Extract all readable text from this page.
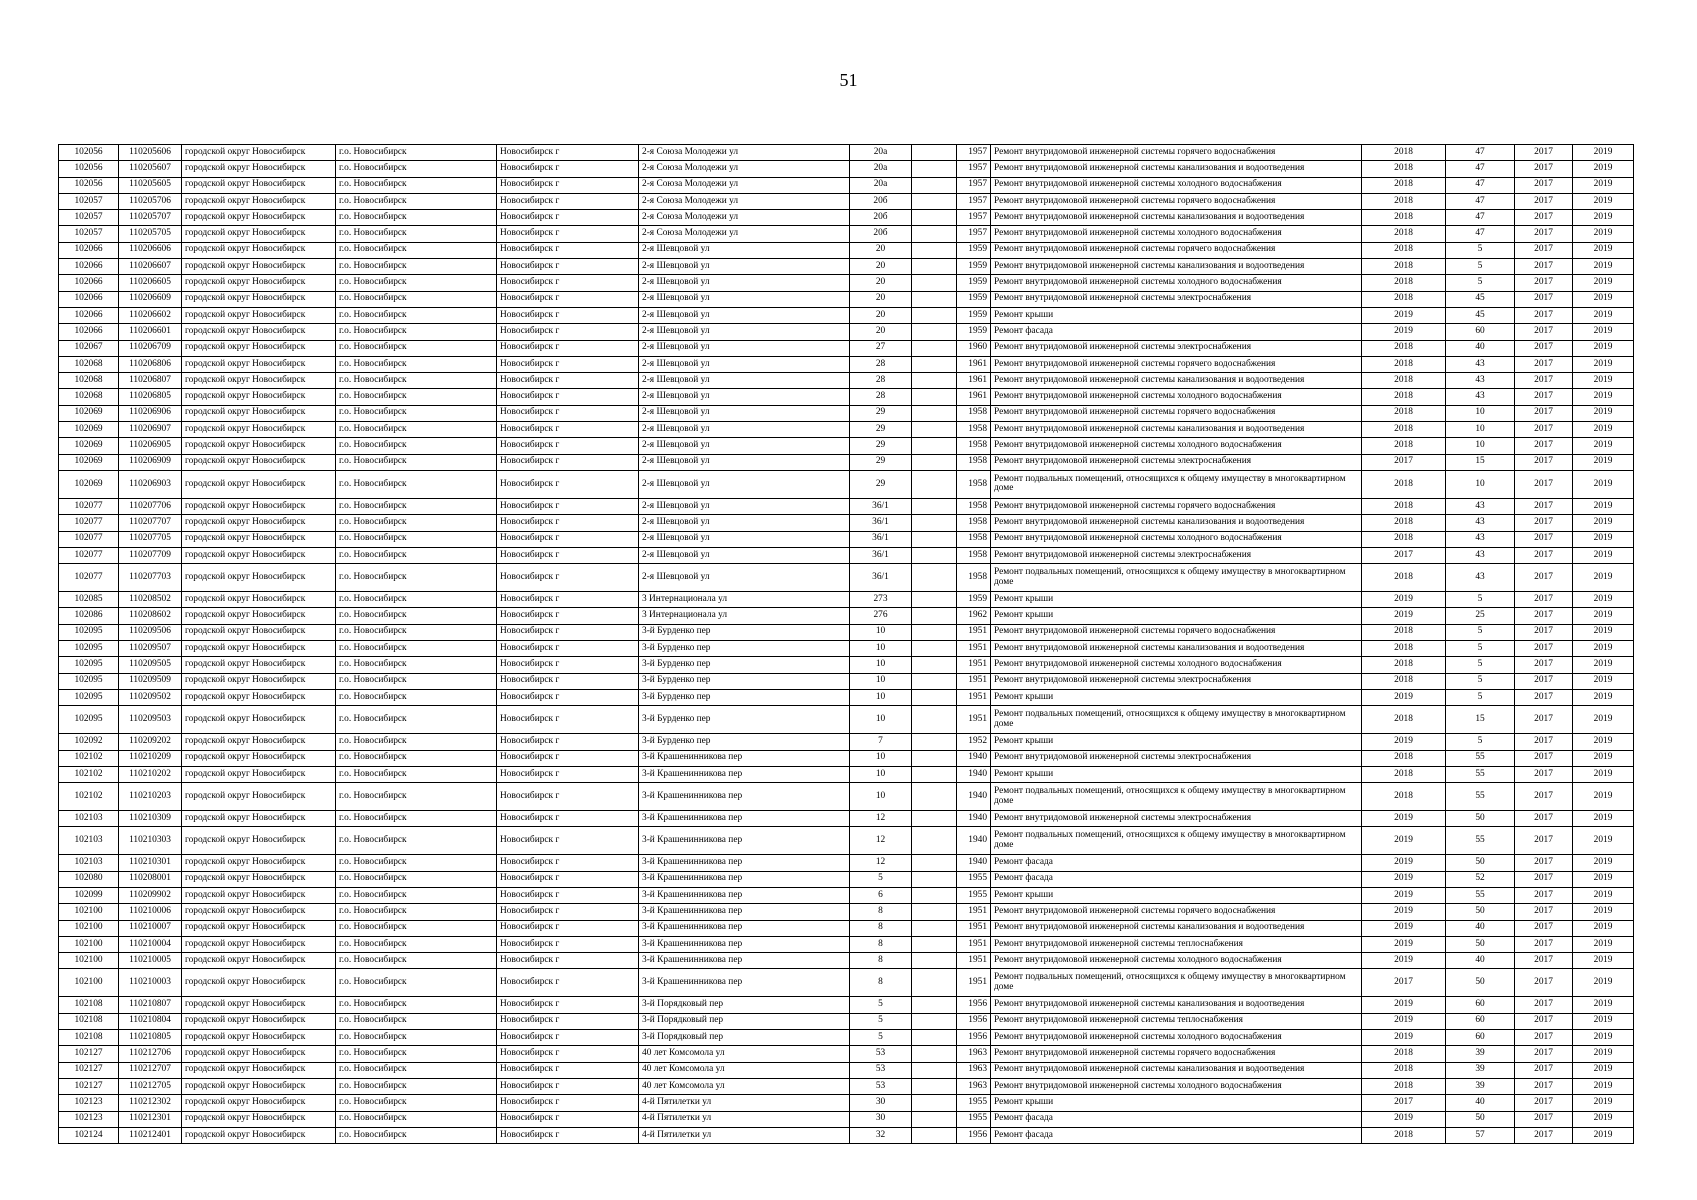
51
102056	110205606	городской округ Новосибирск	г.о. Новосибирск	Новосибирск г	2-я Союза Молодежи ул	20а		1957	Ремонт внутридомовой инженерной системы горячего водоснабжения	2018	47	2017	2019
102056	110205607	городской округ Новосибирск	г.о. Новосибирск	Новосибирск г	2-я Союза Молодежи ул	20а		1957	Ремонт внутридомовой инженерной системы канализования и водоотведения	2018	47	2017	2019
102056	110205605	городской округ Новосибирск	г.о. Новосибирск	Новосибирск г	2-я Союза Молодежи ул	20а		1957	Ремонт внутридомовой инженерной системы холодного водоснабжения	2018	47	2017	2019
102057	110205706	городской округ Новосибирск	г.о. Новосибирск	Новосибирск г	2-я Союза Молодежи ул	20б		1957	Ремонт внутридомовой инженерной системы горячего водоснабжения	2018	47	2017	2019
102057	110205707	городской округ Новосибирск	г.о. Новосибирск	Новосибирск г	2-я Союза Молодежи ул	20б		1957	Ремонт внутридомовой инженерной системы канализования и водоотведения	2018	47	2017	2019
102057	110205705	городской округ Новосибирск	г.о. Новосибирск	Новосибирск г	2-я Союза Молодежи ул	20б		1957	Ремонт внутридомовой инженерной системы холодного водоснабжения	2018	47	2017	2019
102066	110206606	городской округ Новосибирск	г.о. Новосибирск	Новосибирск г	2-я Шевцовой ул	20		1959	Ремонт внутридомовой инженерной системы горячего водоснабжения	2018	5	2017	2019
102066	110206607	городской округ Новосибирск	г.о. Новосибирск	Новосибирск г	2-я Шевцовой ул	20		1959	Ремонт внутридомовой инженерной системы канализования и водоотведения	2018	5	2017	2019
102066	110206605	городской округ Новосибирск	г.о. Новосибирск	Новосибирск г	2-я Шевцовой ул	20		1959	Ремонт внутридомовой инженерной системы холодного водоснабжения	2018	5	2017	2019
102066	110206609	городской округ Новосибирск	г.о. Новосибирск	Новосибирск г	2-я Шевцовой ул	20		1959	Ремонт внутридомовой инженерной системы электроснабжения	2018	45	2017	2019
102066	110206602	городской округ Новосибирск	г.о. Новосибирск	Новосибирск г	2-я Шевцовой ул	20		1959	Ремонт крыши	2019	45	2017	2019
102066	110206601	городской округ Новосибирск	г.о. Новосибирск	Новосибирск г	2-я Шевцовой ул	20		1959	Ремонт фасада	2019	60	2017	2019
102067	110206709	городской округ Новосибирск	г.о. Новосибирск	Новосибирск г	2-я Шевцовой ул	27		1960	Ремонт внутридомовой инженерной системы электроснабжения	2018	40	2017	2019
102068	110206806	городской округ Новосибирск	г.о. Новосибирск	Новосибирск г	2-я Шевцовой ул	28		1961	Ремонт внутридомовой инженерной системы горячего водоснабжения	2018	43	2017	2019
102068	110206807	городской округ Новосибирск	г.о. Новосибирск	Новосибирск г	2-я Шевцовой ул	28		1961	Ремонт внутридомовой инженерной системы канализования и водоотведения	2018	43	2017	2019
102068	110206805	городской округ Новосибирск	г.о. Новосибирск	Новосибирск г	2-я Шевцовой ул	28		1961	Ремонт внутридомовой инженерной системы холодного водоснабжения	2018	43	2017	2019
102069	110206906	городской округ Новосибирск	г.о. Новосибирск	Новосибирск г	2-я Шевцовой ул	29		1958	Ремонт внутридомовой инженерной системы горячего водоснабжения	2018	10	2017	2019
102069	110206907	городской округ Новосибирск	г.о. Новосибирск	Новосибирск г	2-я Шевцовой ул	29		1958	Ремонт внутридомовой инженерной системы канализования и водоотведения	2018	10	2017	2019
102069	110206905	городской округ Новосибирск	г.о. Новосибирск	Новосибирск г	2-я Шевцовой ул	29		1958	Ремонт внутридомовой инженерной системы холодного водоснабжения	2018	10	2017	2019
102069	110206909	городской округ Новосибирск	г.о. Новосибирск	Новосибирск г	2-я Шевцовой ул	29		1958	Ремонт внутридомовой инженерной системы электроснабжения	2017	15	2017	2019
102069	110206903	городской округ Новосибирск	г.о. Новосибирск	Новосибирск г	2-я Шевцовой ул	29		1958	Ремонт подвальных помещений, относящихся к общему имуществу в многоквартирном доме	2018	10	2017	2019
102077	110207706	городской округ Новосибирск	г.о. Новосибирск	Новосибирск г	2-я Шевцовой ул	36/1		1958	Ремонт внутридомовой инженерной системы горячего водоснабжения	2018	43	2017	2019
102077	110207707	городской округ Новосибирск	г.о. Новосибирск	Новосибирск г	2-я Шевцовой ул	36/1		1958	Ремонт внутридомовой инженерной системы канализования и водоотведения	2018	43	2017	2019
102077	110207705	городской округ Новосибирск	г.о. Новосибирск	Новосибирск г	2-я Шевцовой ул	36/1		1958	Ремонт внутридомовой инженерной системы холодного водоснабжения	2018	43	2017	2019
102077	110207709	городской округ Новосибирск	г.о. Новосибирск	Новосибирск г	2-я Шевцовой ул	36/1		1958	Ремонт внутридомовой инженерной системы электроснабжения	2017	43	2017	2019
102077	110207703	городской округ Новосибирск	г.о. Новосибирск	Новосибирск г	2-я Шевцовой ул	36/1		1958	Ремонт подвальных помещений, относящихся к общему имуществу в многоквартирном доме	2018	43	2017	2019
102085	110208502	городской округ Новосибирск	г.о. Новосибирск	Новосибирск г	3 Интернационала ул	273		1959	Ремонт крыши	2019	5	2017	2019
102086	110208602	городской округ Новосибирск	г.о. Новосибирск	Новосибирск г	3 Интернационала ул	276		1962	Ремонт крыши	2019	25	2017	2019
102095	110209506	городской округ Новосибирск	г.о. Новосибирск	Новосибирск г	3-й Бурденко пер	10		1951	Ремонт внутридомовой инженерной системы горячего водоснабжения	2018	5	2017	2019
102095	110209507	городской округ Новосибирск	г.о. Новосибирск	Новосибирск г	3-й Бурденко пер	10		1951	Ремонт внутридомовой инженерной системы канализования и водоотведения	2018	5	2017	2019
102095	110209505	городской округ Новосибирск	г.о. Новосибирск	Новосибирск г	3-й Бурденко пер	10		1951	Ремонт внутридомовой инженерной системы холодного водоснабжения	2018	5	2017	2019
102095	110209509	городской округ Новосибирск	г.о. Новосибирск	Новосибирск г	3-й Бурденко пер	10		1951	Ремонт внутридомовой инженерной системы электроснабжения	2018	5	2017	2019
102095	110209502	городской округ Новосибирск	г.о. Новосибирск	Новосибирск г	3-й Бурденко пер	10		1951	Ремонт крыши	2019	5	2017	2019
102095	110209503	городской округ Новосибирск	г.о. Новосибирск	Новосибирск г	3-й Бурденко пер	10		1951	Ремонт подвальных помещений, относящихся к общему имуществу в многоквартирном доме	2018	15	2017	2019
102092	110209202	городской округ Новосибирск	г.о. Новосибирск	Новосибирск г	3-й Бурденко пер	7		1952	Ремонт крыши	2019	5	2017	2019
102102	110210209	городской округ Новосибирск	г.о. Новосибирск	Новосибирск г	3-й Крашенинникова пер	10		1940	Ремонт внутридомовой инженерной системы электроснабжения	2018	55	2017	2019
102102	110210202	городской округ Новосибирск	г.о. Новосибирск	Новосибирск г	3-й Крашенинникова пер	10		1940	Ремонт крыши	2018	55	2017	2019
102102	110210203	городской округ Новосибирск	г.о. Новосибирск	Новосибирск г	3-й Крашенинникова пер	10		1940	Ремонт подвальных помещений, относящихся к общему имуществу в многоквартирном доме	2018	55	2017	2019
102103	110210309	городской округ Новосибирск	г.о. Новосибирск	Новосибирск г	3-й Крашенинникова пер	12		1940	Ремонт внутридомовой инженерной системы электроснабжения	2019	50	2017	2019
102103	110210303	городской округ Новосибирск	г.о. Новосибирск	Новосибирск г	3-й Крашенинникова пер	12		1940	Ремонт подвальных помещений, относящихся к общему имуществу в многоквартирном доме	2019	55	2017	2019
102103	110210301	городской округ Новосибирск	г.о. Новосибирск	Новосибирск г	3-й Крашенинникова пер	12		1940	Ремонт фасада	2019	50	2017	2019
102080	110208001	городской округ Новосибирск	г.о. Новосибирск	Новосибирск г	3-й Крашенинникова пер	5		1955	Ремонт фасада	2019	52	2017	2019
102099	110209902	городской округ Новосибирск	г.о. Новосибирск	Новосибирск г	3-й Крашенинникова пер	6		1955	Ремонт крыши	2019	55	2017	2019
102100	110210006	городской округ Новосибирск	г.о. Новосибирск	Новосибирск г	3-й Крашенинникова пер	8		1951	Ремонт внутридомовой инженерной системы горячего водоснабжения	2019	50	2017	2019
102100	110210007	городской округ Новосибирск	г.о. Новосибирск	Новосибирск г	3-й Крашенинникова пер	8		1951	Ремонт внутридомовой инженерной системы канализования и водоотведения	2019	40	2017	2019
102100	110210004	городской округ Новосибирск	г.о. Новосибирск	Новосибирск г	3-й Крашенинникова пер	8		1951	Ремонт внутридомовой инженерной системы теплоснабжения	2019	50	2017	2019
102100	110210005	городской округ Новосибирск	г.о. Новосибирск	Новосибирск г	3-й Крашенинникова пер	8		1951	Ремонт внутридомовой инженерной системы холодного водоснабжения	2019	40	2017	2019
102100	110210003	городской округ Новосибирск	г.о. Новосибирск	Новосибирск г	3-й Крашенинникова пер	8		1951	Ремонт подвальных помещений, относящихся к общему имуществу в многоквартирном доме	2017	50	2017	2019
102108	110210807	городской округ Новосибирск	г.о. Новосибирск	Новосибирск г	3-й Порядковый пер	5		1956	Ремонт внутридомовой инженерной системы канализования и водоотведения	2019	60	2017	2019
102108	110210804	городской округ Новосибирск	г.о. Новосибирск	Новосибирск г	3-й Порядковый пер	5		1956	Ремонт внутридомовой инженерной системы теплоснабжения	2019	60	2017	2019
102108	110210805	городской округ Новосибирск	г.о. Новосибирск	Новосибирск г	3-й Порядковый пер	5		1956	Ремонт внутридомовой инженерной системы холодного водоснабжения	2019	60	2017	2019
102127	110212706	городской округ Новосибирск	г.о. Новосибирск	Новосибирск г	40 лет Комсомола ул	53		1963	Ремонт внутридомовой инженерной системы горячего водоснабжения	2018	39	2017	2019
102127	110212707	городской округ Новосибирск	г.о. Новосибирск	Новосибирск г	40 лет Комсомола ул	53		1963	Ремонт внутридомовой инженерной системы канализования и водоотведения	2018	39	2017	2019
102127	110212705	городской округ Новосибирск	г.о. Новосибирск	Новосибирск г	40 лет Комсомола ул	53		1963	Ремонт внутридомовой инженерной системы холодного водоснабжения	2018	39	2017	2019
102123	110212302	городской округ Новосибирск	г.о. Новосибирск	Новосибирск г	4-й Пятилетки ул	30		1955	Ремонт крыши	2017	40	2017	2019
102123	110212301	городской округ Новосибирск	г.о. Новосибирск	Новосибирск г	4-й Пятилетки ул	30		1955	Ремонт фасада	2019	50	2017	2019
102124	110212401	городской округ Новосибирск	г.о. Новосибирск	Новосибирск г	4-й Пятилетки ул	32		1956	Ремонт фасада	2018	57	2017	2019
